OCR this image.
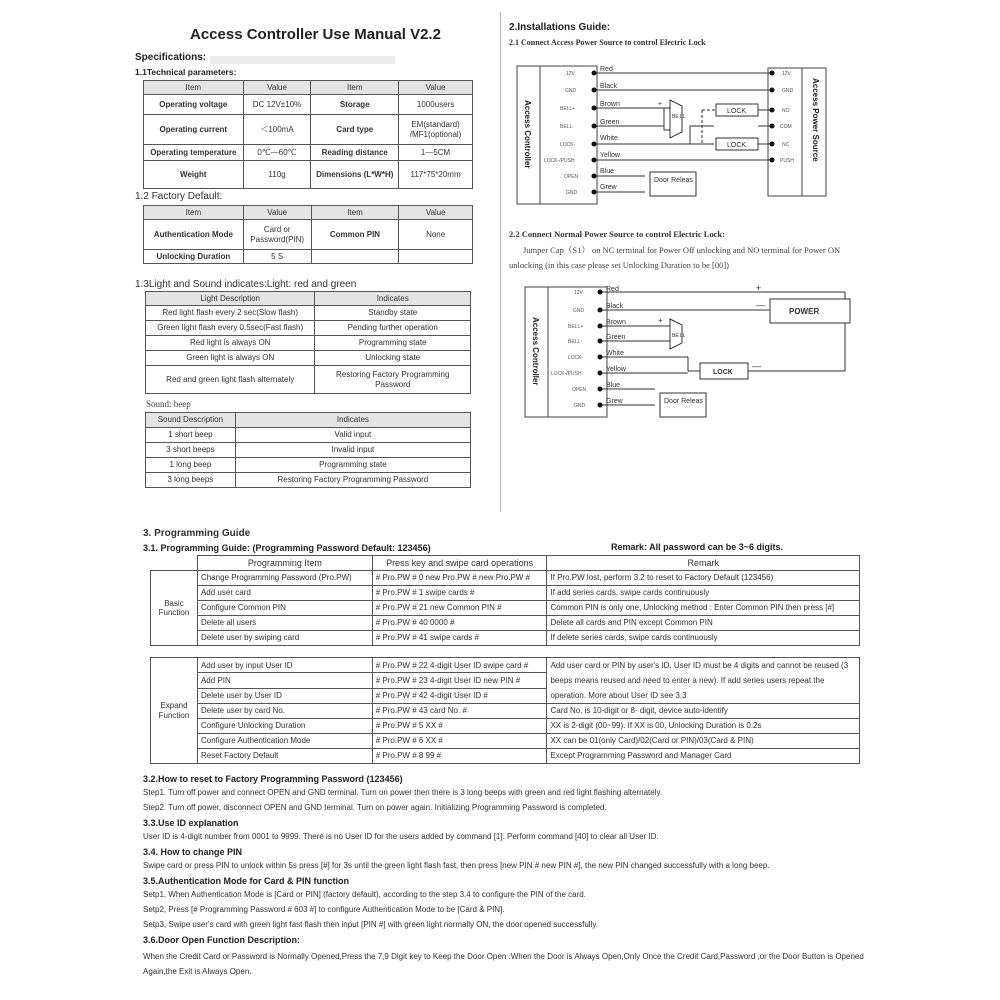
Access Controller Use Manual V2.2
Specifications:
1.1Technical parameters:
Item	Value	Item	Value
Operating voltage	DC 12V±10%	Storage	1000users
Operating current	＜100mA	Card type	EM(standard) /MF1(optional)
Operating temperature	0℃—60℃	Reading distance	1—5CM
Weight	110g	Dimensions (L*W*H)	117*75*20mm
1.2 Factory Default:
Item	Value	Item	Value
Authentication Mode	Card or Password(PIN)	Common PIN	None
Unlocking Duration	5 S		
1.3Light and Sound indicates:Light: red and green
Light Description	Indicates
Red light flash every 2 sec(Slow flash)	Standby state
Green light flash every 0.5sec(Fast flash)	Pending further operation
Red light is always ON	Programming state
Green light is always ON	Unlocking state
Red and green light flash alternately	Restoring Factory Programming Password
Sound: beep
Sound Description	Indicates
1 short beep	Valid input
3 short beeps	Invalid input
1 long beep	Programming state
3 long beeps	Restoring Factory Programming Password
2.Installations Guide:
2.1 Connect Access Power Source to control Electric Lock
+
Access Controller	Access Power Source
12V
GND
BELL+
BELL-
LOCK-
LOCK-/PUSH
OPEN
GND
12V
GND
NO
COM
NC
PUSH
Red
Black
Brown
Green
White
Yellow
Blue
Grew
LOCK
LOCK
Door Releas
BE LL
2.2 Connect Normal Power Source to control Electric Lock:
Jumper Cap（S1） on NC terminal for Power Off unlocking and NO terminal for Power ON unlocking (in this case please set Unlocking Duration to be [00])
+
—
—
+
Access Controller
12V
GND
BELL+
BELL-
LOCK-
LOCK-/PUSH
OPEN
GND
Red
Black
Brown
Green
White
Yellow
Blue
Grew
POWER
LOCK
Door Releas
BE LL
3. Programming Guide
3.1. Programming Guide: (Programming Password Default: 123456)	Remark: All password can be 3~6 digits.
	Programming Item	Press key and swipe card operations	Remark
Basic Function	Change Programming Password (Pro.PW)	# Pro.PW # 0 new Pro.PW # new Pro.PW #	If Pro.PW lost, perform 3.2 to reset to Factory Default (123456)
	Add user card	# Pro.PW # 1 swipe cards #	If add series cards, swipe cards continuously
	Configure Common PIN	# Pro.PW # 21 new Common PIN #	Common PIN is only one, Unlocking method : Enter Common PIN then press [#]
	Delete all users	# Pro.PW # 40 0000 #	Delete all cards and PIN except Common PIN
	Delete user by swiping card	# Pro.PW # 41 swipe cards #	If delete series cards, swipe cards continuously

Expand Function	Add user by input User ID	# Pro.PW # 22 4-digit User ID swipe card #	Add user card or PIN by user's ID. User ID must be 4 digits and cannot be reused (3 beeps means reused and need to enter a new). If add series users repeat the operation. More about User ID see 3.3
	Add PIN	# Pro.PW # 23 4-digit User ID new PIN #	
	Delete user by User ID	# Pro.PW # 42 4-digit User ID #	
	Delete user by card No.	# Pro.PW # 43 card No. #	Card No. is 10-digit or 8- digit, device auto-identify
	Configure Unlocking Duration	# Pro.PW # 5 XX #	XX is 2-digit (00~99). If XX is 00, Unlocking Duration is 0.2s
	Configure Authentication Mode	# Pro.PW # 6 XX #	XX can be 01(only Card)/02(Card or PIN)/03(Card & PIN)
	Reset Factory Default	# Pro.PW # 8 99 #	Except Programming Password and Manager Card
3.2.How to reset to Factory Programming Password (123456)
Step1. Turn off power and connect OPEN and GND terminal. Turn on power then there is 3 long beeps with green and red light flashing alternately.
Step2. Turn off power, disconnect OPEN and GND terminal. Turn on power again. Initializing Programming Password is completed.
3.3.Use ID explanation
User ID is 4-digit number from 0001 to 9999. There is no User ID for the users added by command [1]. Perform command [40] to clear all User ID.
3.4. How to change PIN
Swipe card or press PIN to unlock within 5s press [#] for 3s until the green light flash fast, then press [new PIN # new PIN #], the new PIN changed successfully with a long beep.
3.5.Authentication Mode for Card & PIN function
Setp1, When Authentication Mode is [Card or PIN] (factory default), according to the step 3.4 to configure the PIN of the card.
Setp2, Press [# Programming Password # 603 #] to configure Authentication Mode to be [Card & PIN].
Setp3, Swipe user's card with green light fast flash then input [PIN #] with green light normally ON, the door opened successfully.
3.6.Door Open Function Description:
When the Credit Card or Password is Normally Opened,Press the 7,9 Digit key to Keep the Door Open .When the Door is Always Open,Only Once the Credit Card,Password ,or the Door Button is Opened Again,the Exit is Always Open.
